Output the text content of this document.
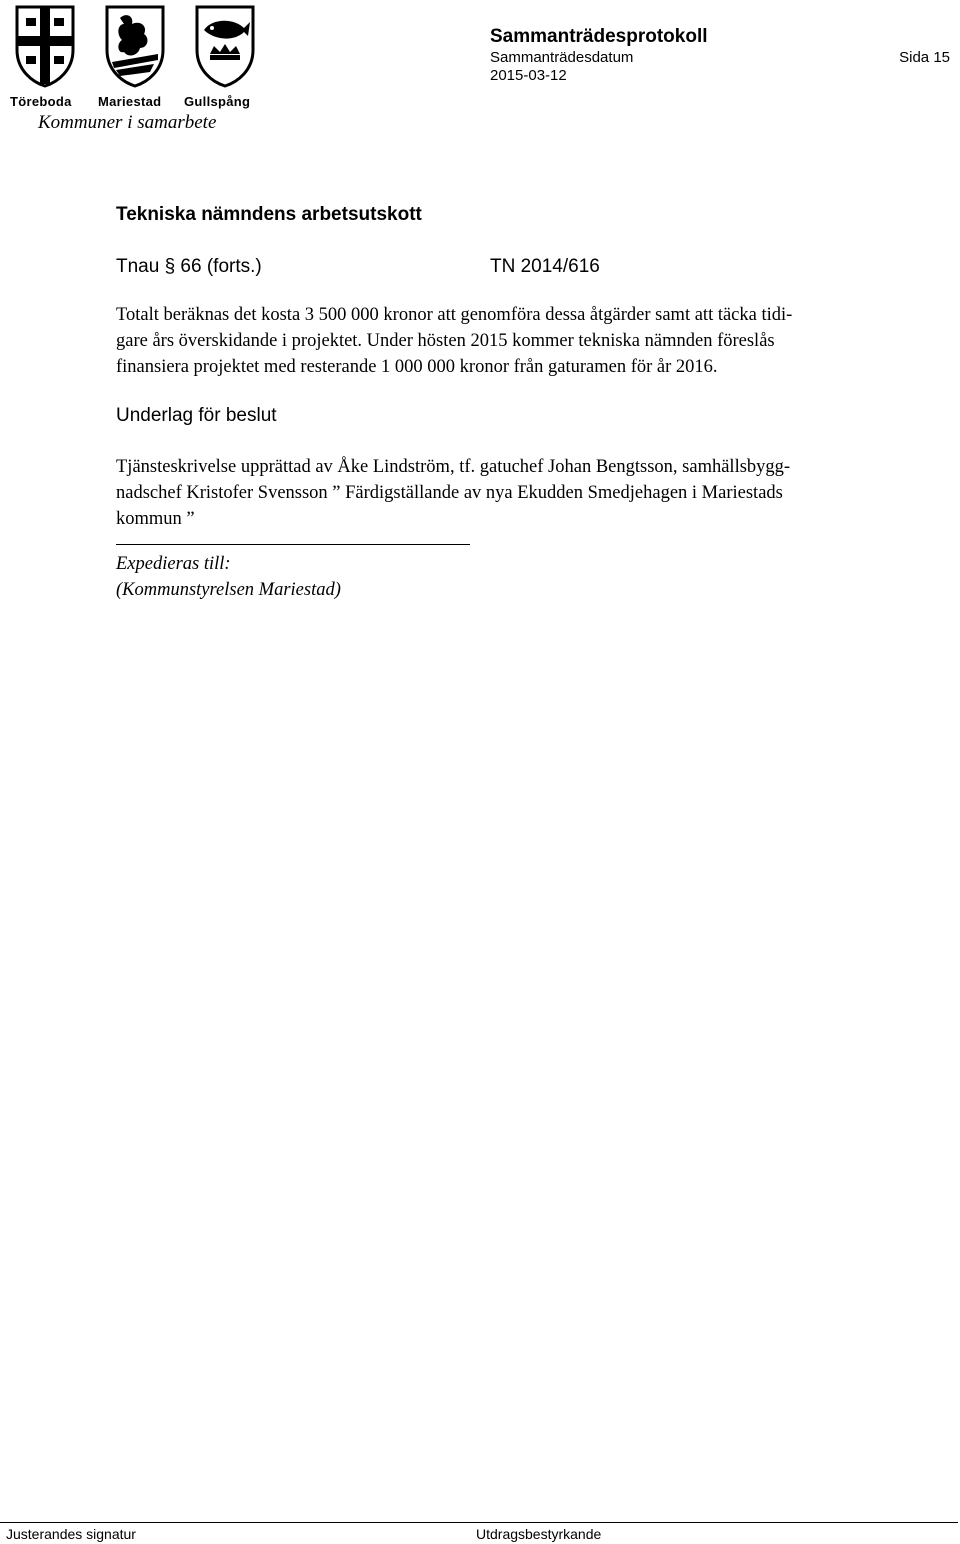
Töreboda Mariestad Gullspång
Kommuner i samarbete
Sammanträdesprotokoll
Sammanträdesdatum
2015-03-12
Sida 15
Tekniska nämndens arbetsutskott
Tnau § 66 (forts.)	TN 2014/616
Totalt beräknas det kosta 3 500 000 kronor att genomföra dessa åtgärder samt att täcka tidi-
gare års överskidande i projektet. Under hösten 2015 kommer tekniska nämnden föreslås
finansiera projektet med resterande 1 000 000 kronor från gaturamen för år 2016.
Underlag för beslut
Tjänsteskrivelse upprättad av Åke Lindström, tf. gatuchef Johan Bengtsson, samhällsbygg-
nadschef Kristofer Svensson ” Färdigställande av nya Ekudden Smedjehagen i Mariestads
kommun ”
Expedieras till:
(Kommunstyrelsen Mariestad)
Justerandes signatur	Utdragsbestyrkande
